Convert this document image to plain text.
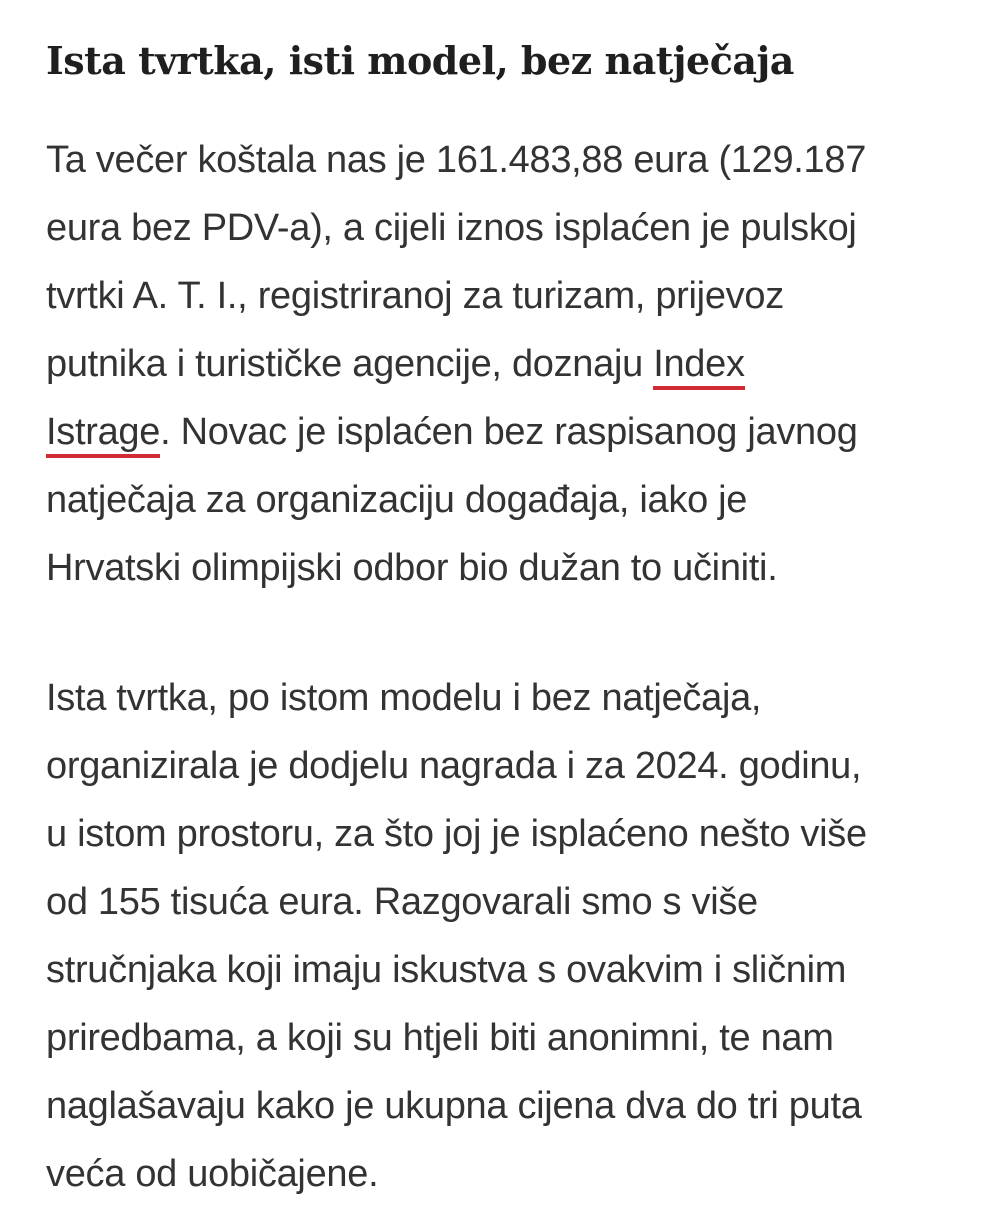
Ista tvrtka, isti model, bez natječaja

Ta večer koštala nas je 161.483,88 eura (129.187
eura bez PDV-a), a cijeli iznos isplaćen je pulskoj
tvrtki A. T. I., registriranoj za turizam, prijevoz
putnika i turističke agencije, doznaju Index
Istrage. Novac je isplaćen bez raspisanog javnog
natječaja za organizaciju događaja, iako je
Hrvatski olimpijski odbor bio dužan to učiniti.

Ista tvrtka, po istom modelu i bez natječaja,
organizirala je dodjelu nagrada i za 2024. godinu,
u istom prostoru, za što joj je isplaćeno nešto više
od 155 tisuća eura. Razgovarali smo s više
stručnjaka koji imaju iskustva s ovakvim i sličnim
priredbama, a koji su htjeli biti anonimni, te nam
naglašavaju kako je ukupna cijena dva do tri puta
veća od uobičajene.
